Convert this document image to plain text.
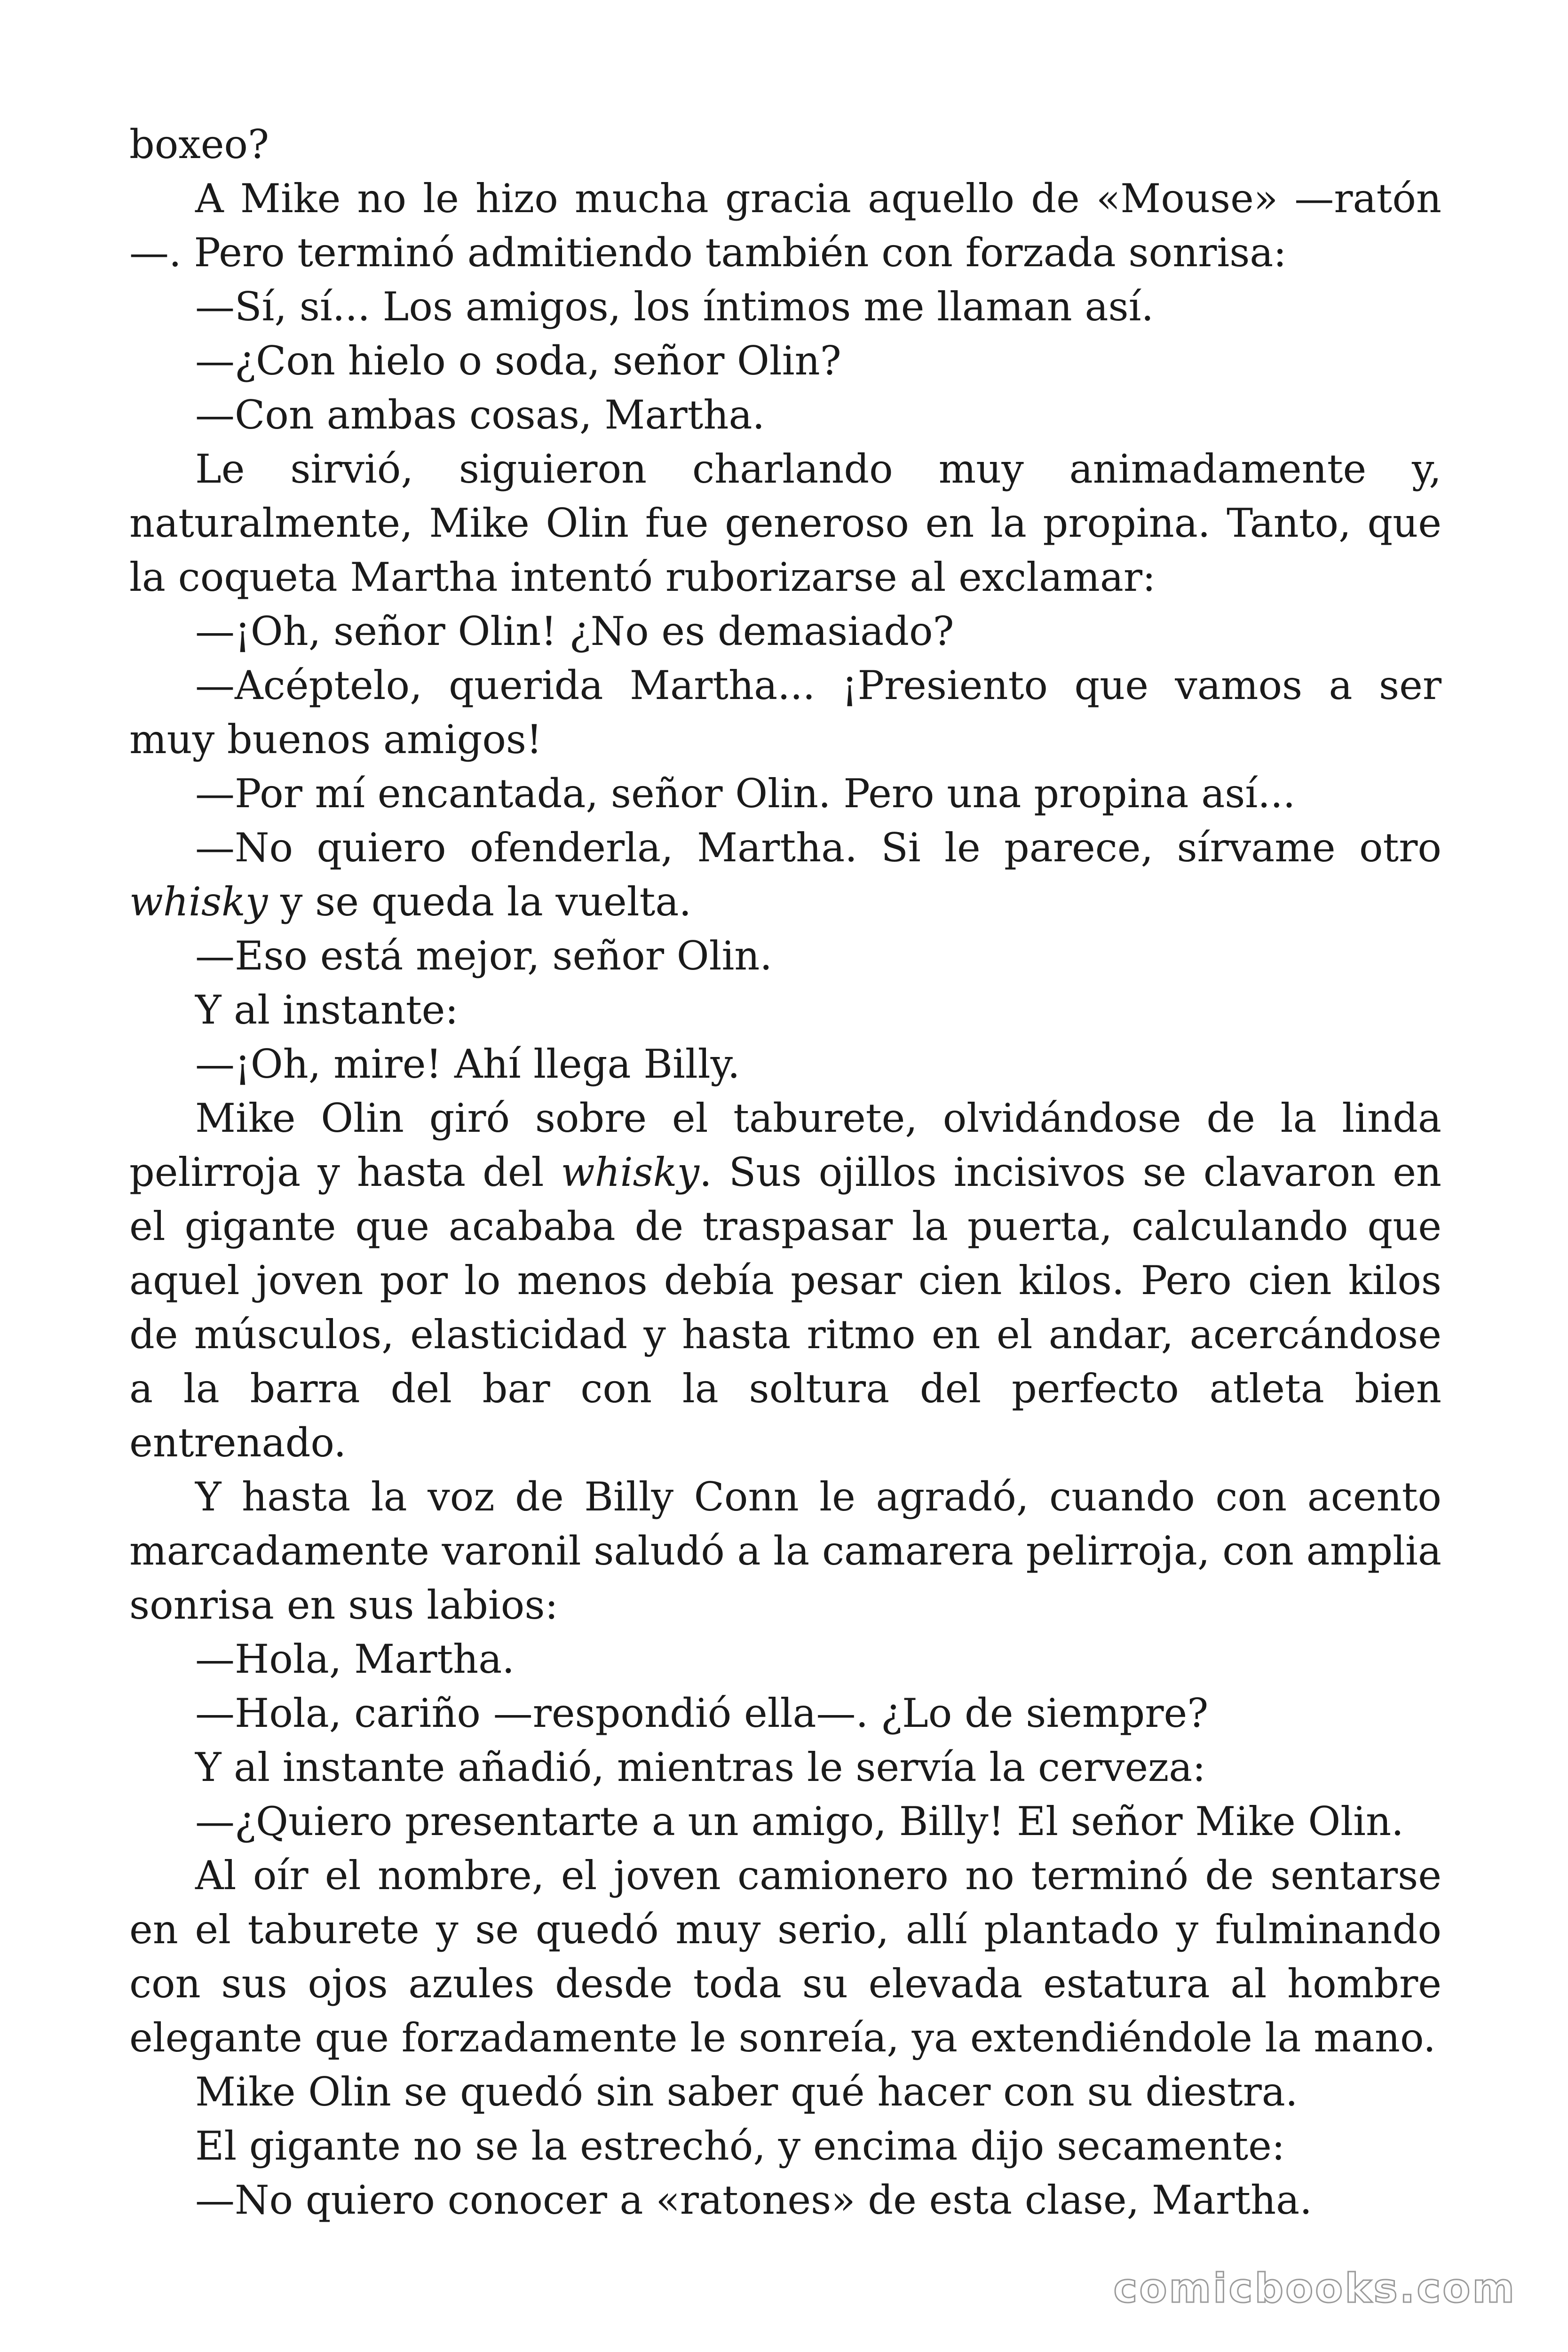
boxeo?

A Mike no le hizo mucha gracia aquello de «Mouse» —ratón—. Pero terminó admitiendo también con forzada sonrisa:

—Sí, sí... Los amigos, los íntimos me llaman así.

—¿Con hielo o soda, señor Olin?

—Con ambas cosas, Martha.

Le sirvió, siguieron charlando muy animadamente y, naturalmente, Mike Olin fue generoso en la propina. Tanto, que la coqueta Martha intentó ruborizarse al exclamar:

—¡Oh, señor Olin! ¿No es demasiado?

—Acéptelo, querida Martha... ¡Presiento que vamos a ser muy buenos amigos!

—Por mí encantada, señor Olin. Pero una propina así...

—No quiero ofenderla, Martha. Si le parece, sírvame otro whisky y se queda la vuelta.

—Eso está mejor, señor Olin.

Y al instante:

—¡Oh, mire! Ahí llega Billy.

Mike Olin giró sobre el taburete, olvidándose de la linda pelirroja y hasta del whisky. Sus ojillos incisivos se clavaron en el gigante que acababa de traspasar la puerta, calculando que aquel joven por lo menos debía pesar cien kilos. Pero cien kilos de músculos, elasticidad y hasta ritmo en el andar, acercándose a la barra del bar con la soltura del perfecto atleta bien entrenado.

Y hasta la voz de Billy Conn le agradó, cuando con acento marcadamente varonil saludó a la camarera pelirroja, con amplia sonrisa en sus labios:

—Hola, Martha.

—Hola, cariño —respondió ella—. ¿Lo de siempre?

Y al instante añadió, mientras le servía la cerveza:

—¿Quiero presentarte a un amigo, Billy! El señor Mike Olin.

Al oír el nombre, el joven camionero no terminó de sentarse en el taburete y se quedó muy serio, allí plantado y fulminando con sus ojos azules desde toda su elevada estatura al hombre elegante que forzadamente le sonreía, ya extendiéndole la mano.

Mike Olin se quedó sin saber qué hacer con su diestra.

El gigante no se la estrechó, y encima dijo secamente:

—No quiero conocer a «ratones» de esta clase, Martha.

comicbooks.com
